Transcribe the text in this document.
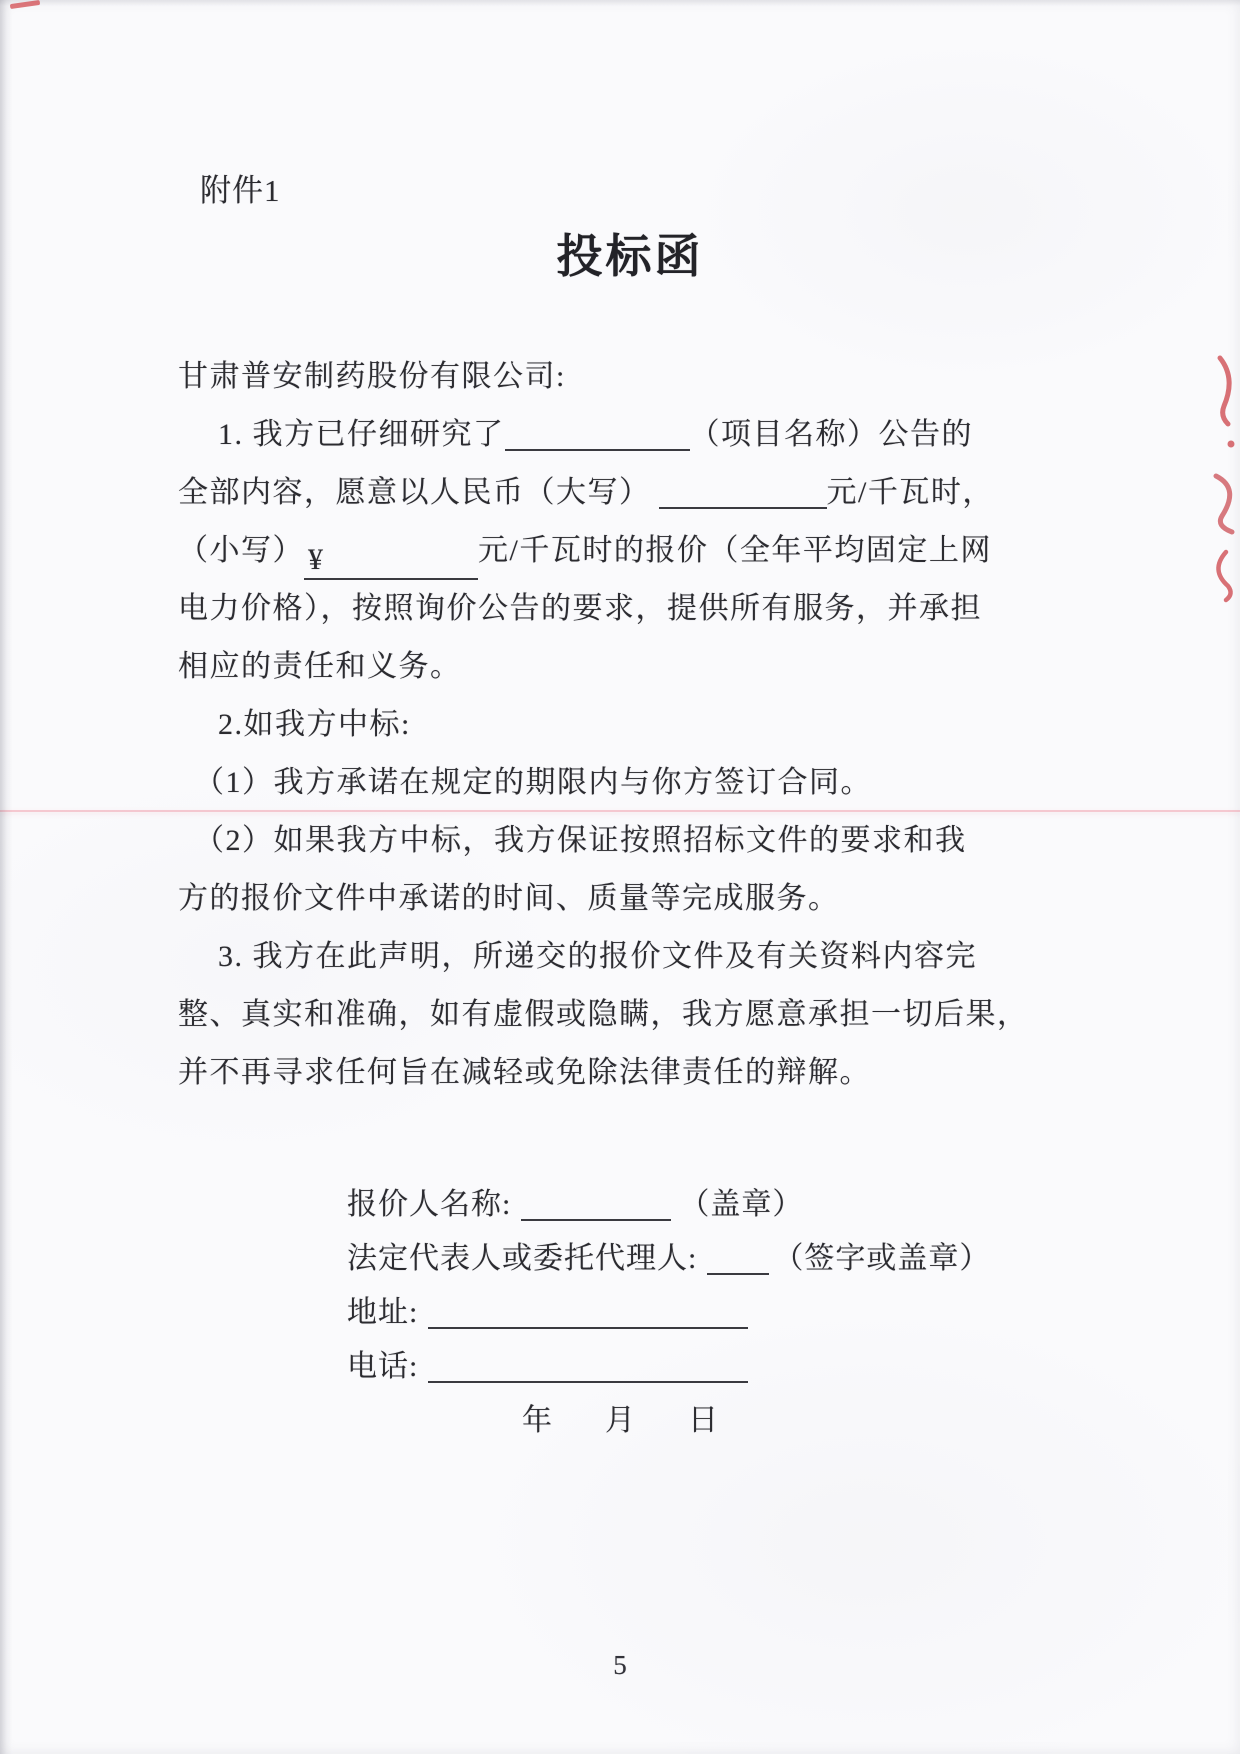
附件1
投标函
甘肃普安制药股份有限公司:
1. 我方已仔细研究了	（项目名称）公告的
全部内容，愿意以人民币（大写）	元/千瓦时，
（小写） ¥	元/千瓦时的报价（全年平均固定上网
电力价格），按照询价公告的要求，提供所有服务，并承担
相应的责任和义务。
2.如我方中标:
（1）我方承诺在规定的期限内与你方签订合同。
（2）如果我方中标，我方保证按照招标文件的要求和我
方的报价文件中承诺的时间、质量等完成服务。
3. 我方在此声明，所递交的报价文件及有关资料内容完
整、真实和准确，如有虚假或隐瞒，我方愿意承担一切后果，
并不再寻求任何旨在减轻或免除法律责任的辩解。
报价人名称:	（盖章）
法定代表人或委托代理人:	（签字或盖章）
地址:
电话:
年 月 日
5
